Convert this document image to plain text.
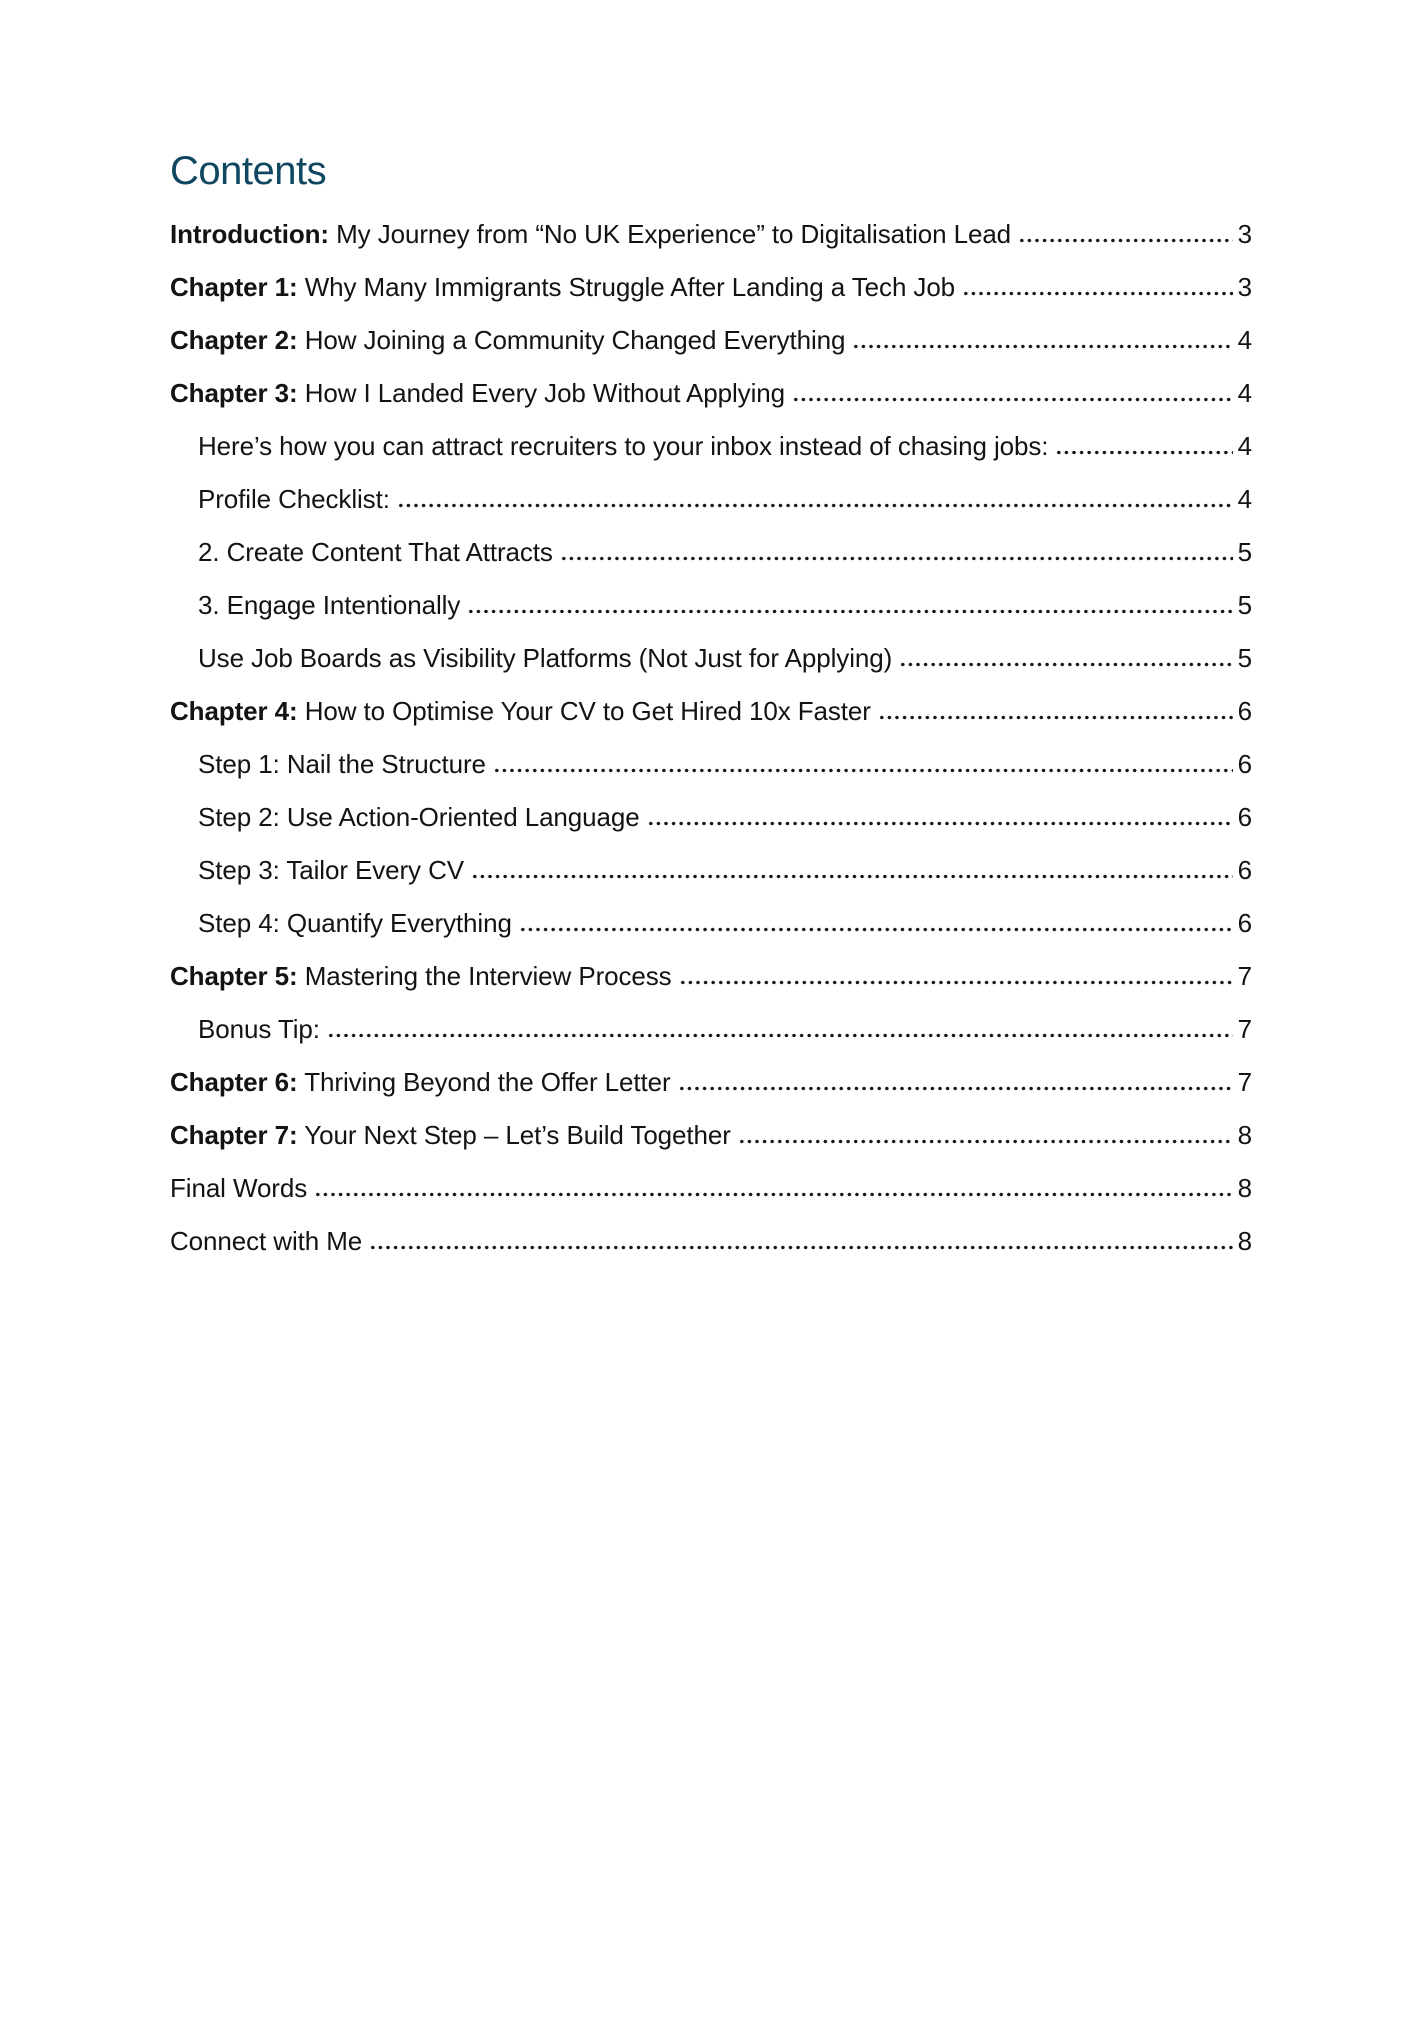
Contents
Introduction: My Journey from “No UK Experience” to Digitalisation Lead	3
Chapter 1: Why Many Immigrants Struggle After Landing a Tech Job	3
Chapter 2: How Joining a Community Changed Everything	4
Chapter 3: How I Landed Every Job Without Applying	4
Here’s how you can attract recruiters to your inbox instead of chasing jobs:	4
Profile Checklist:	4
2. Create Content That Attracts	5
3. Engage Intentionally	5
Use Job Boards as Visibility Platforms (Not Just for Applying)	5
Chapter 4: How to Optimise Your CV to Get Hired 10x Faster	6
Step 1: Nail the Structure	6
Step 2: Use Action-Oriented Language	6
Step 3: Tailor Every CV	6
Step 4: Quantify Everything	6
Chapter 5: Mastering the Interview Process	7
Bonus Tip:	7
Chapter 6: Thriving Beyond the Offer Letter	7
Chapter 7: Your Next Step – Let’s Build Together	8
Final Words	8
Connect with Me	8
